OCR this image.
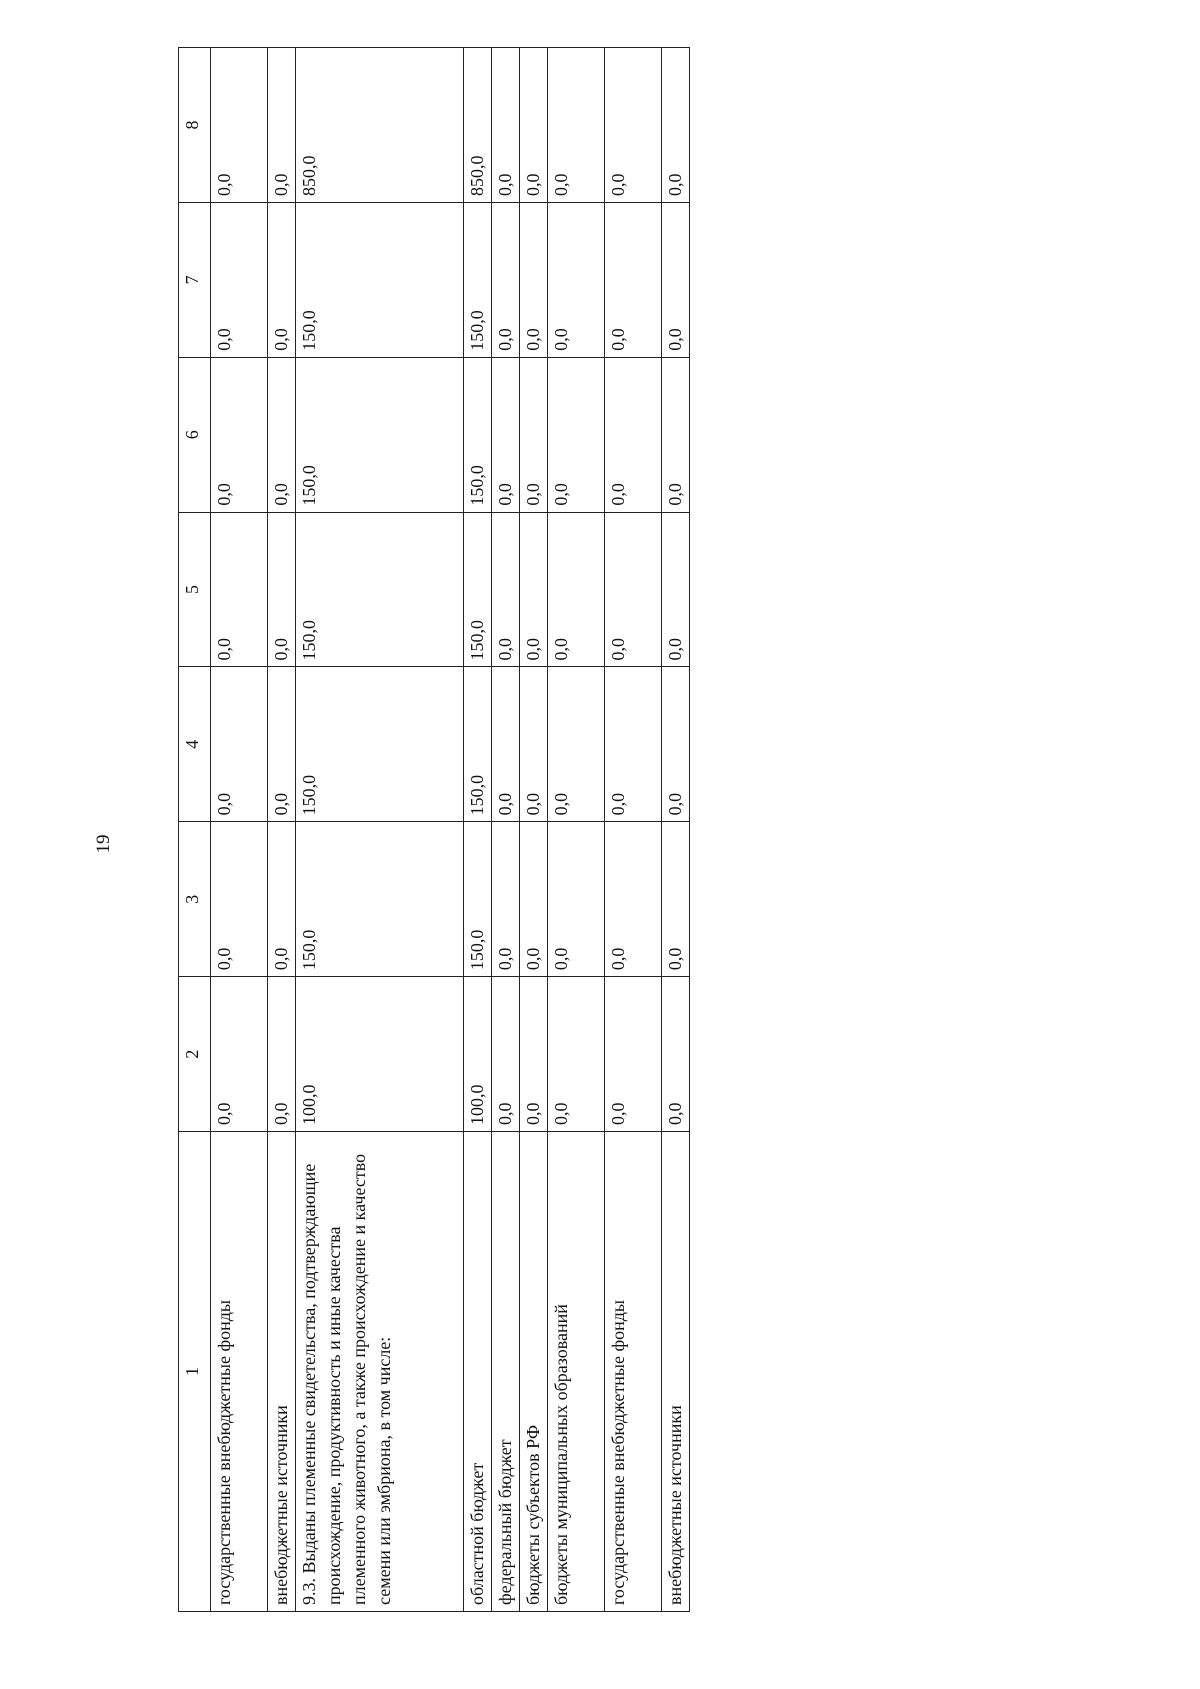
19
1	2	3	4	5	6	7	8
государственные внебюджетные фонды	0,0	0,0	0,0	0,0	0,0	0,0	0,0
внебюджетные источники	0,0	0,0	0,0	0,0	0,0	0,0	0,0
9.3. Выданы племенные свидетельства, подтверждающие происхождение, продуктивность и иные качества племенного животного, а также происхождение и качество семени или эмбриона, в том числе:	100,0	150,0	150,0	150,0	150,0	150,0	850,0
областной бюджет	100,0	150,0	150,0	150,0	150,0	150,0	850,0
федеральный бюджет	0,0	0,0	0,0	0,0	0,0	0,0	0,0
бюджеты субъектов РФ	0,0	0,0	0,0	0,0	0,0	0,0	0,0
бюджеты муниципальных образований	0,0	0,0	0,0	0,0	0,0	0,0	0,0
государственные внебюджетные фонды	0,0	0,0	0,0	0,0	0,0	0,0	0,0
внебюджетные источники	0,0	0,0	0,0	0,0	0,0	0,0	0,0
